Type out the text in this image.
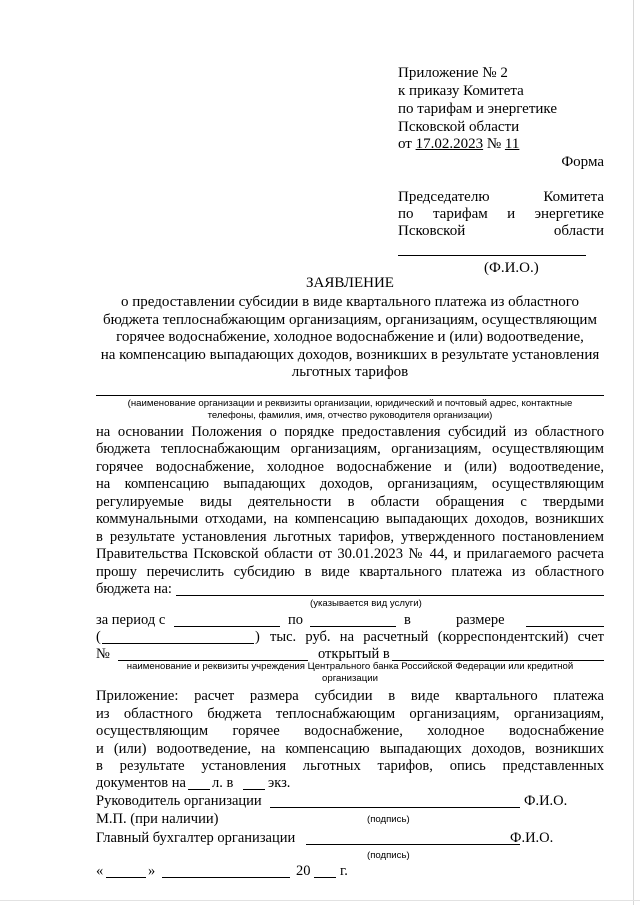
Приложение № 2
к приказу Комитета
по тарифам и энергетике
Псковской области
от 17.02.2023 № 11
Форма
Председателю	Комитета
по тарифам и энергетике
Псковской	области
(Ф.И.О.)
ЗАЯВЛЕНИЕ
о предоставлении субсидии в виде квартального платежа из областного
бюджета теплоснабжающим организациям, организациям, осуществляющим
горячее водоснабжение, холодное водоснабжение и (или) водоотведение,
на компенсацию выпадающих доходов, возникших в результате установления
льготных тарифов
(наименование организации и реквизиты организации, юридический и почтовый адрес, контактные
телефоны, фамилия, имя, отчество руководителя организации)
на основании Положения о порядке предоставления субсидий из областного
бюджета теплоснабжающим организациям, организациям, осуществляющим
горячее водоснабжение, холодное водоснабжение и (или) водоотведение,
на компенсацию выпадающих доходов, организациям, осуществляющим
регулируемые виды деятельности в области обращения с твердыми
коммунальными отходами, на компенсацию выпадающих доходов, возникших
в результате установления льготных тарифов, утвержденного постановлением
Правительства Псковской области от 30.01.2023 № 44, и прилагаемого расчета
прошу перечислить субсидию в виде квартального платежа из областного
бюджета на:
(указывается вид услуги)
за период с	по	в	размере
(	) тыс. руб. на расчетный (корреспондентский) счет
№	открытый в
наименование и реквизиты учреждения Центрального банка Российской Федерации или кредитной
организации
Приложение: расчет размера субсидии в виде квартального платежа
из областного бюджета теплоснабжающим организациям, организациям,
осуществляющим горячее водоснабжение, холодное водоснабжение
и (или) водоотведение, на компенсацию выпадающих доходов, возникших
в результате установления льготных тарифов, опись представленных
документов на л. в экз.
Руководитель организации	Ф.И.О.
М.П. (при наличии)	(подпись)
Главный бухгалтер организации	Ф.И.О.
(подпись)
«	»	20 г.
